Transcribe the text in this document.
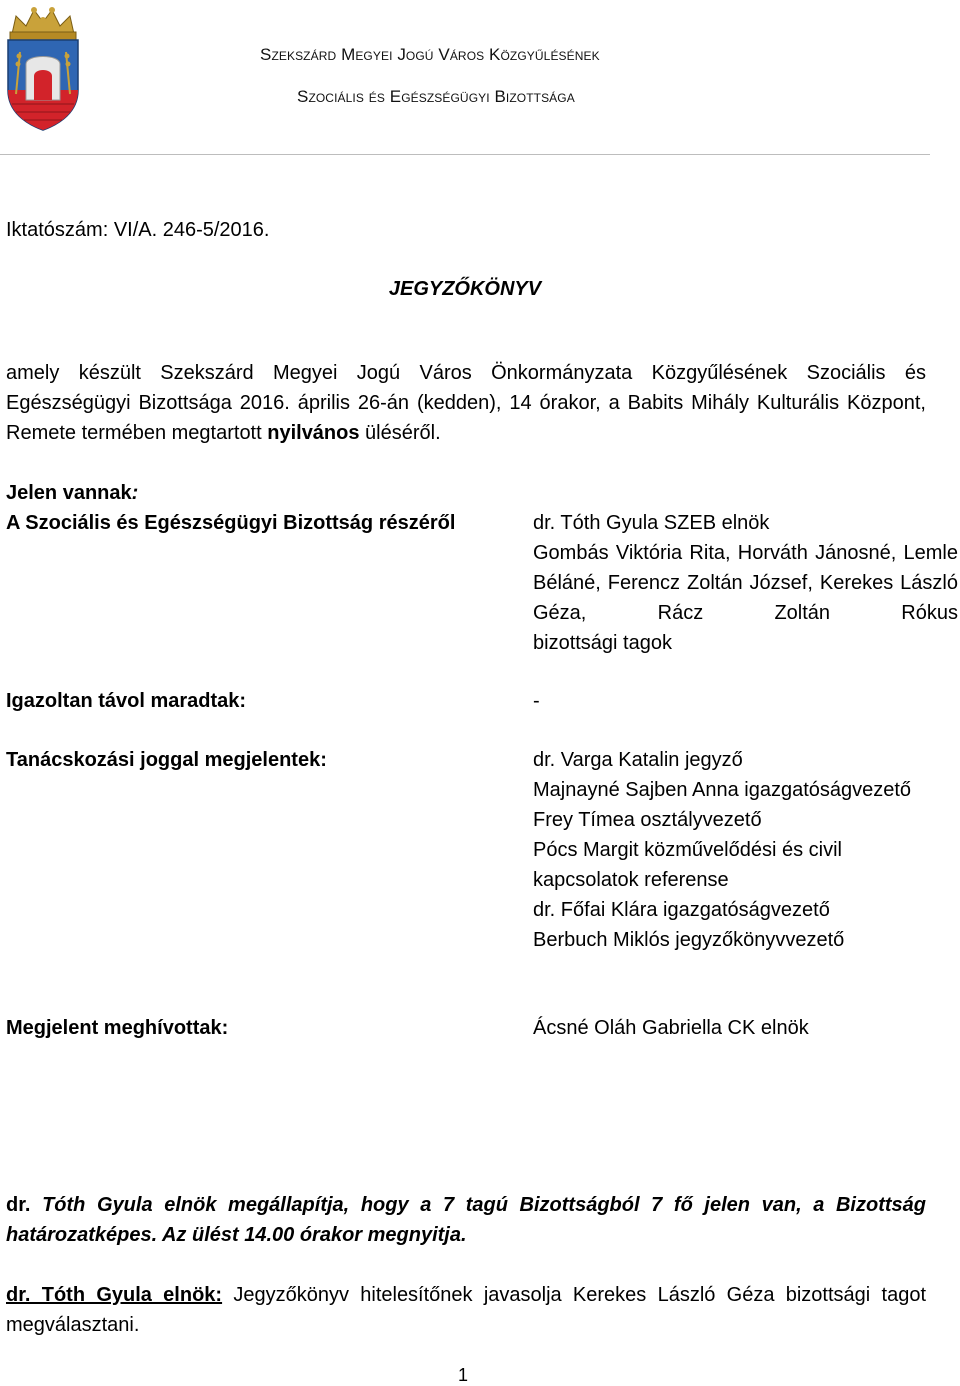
Szekszárd Megyei Jogú Város Közgyűlésének
Szociális és Egészségügyi Bizottsága
Iktatószám: VI/A. 246-5/2016.
JEGYZŐKÖNYV
amely készült Szekszárd Megyei Jogú Város Önkormányzata Közgyűlésének Szociális és Egészségügyi Bizottsága 2016. április 26-án (kedden), 14 órakor, a Babits Mihály Kulturális Központ, Remete termében megtartott nyilvános üléséről.
Jelen vannak:
A Szociális és Egészségügyi Bizottság részéről	dr. Tóth Gyula SZEB elnök
Gombás Viktória Rita, Horváth Jánosné, Lemle Béláné, Ferencz Zoltán József, Kerekes László Géza, Rácz Zoltán Rókus
bizottsági tagok
Igazoltan távol maradtak:	-
Tanácskozási joggal megjelentek:	dr. Varga Katalin jegyző
Majnayné Sajben Anna igazgatóságvezető
Frey Tímea osztályvezető
Pócs Margit közművelődési és civil kapcsolatok referense
dr. Főfai Klára igazgatóságvezető
Berbuch Miklós jegyzőkönyvvezető
Megjelent meghívottak:	Ácsné Oláh Gabriella CK elnök
dr. Tóth Gyula elnök megállapítja, hogy a 7 tagú Bizottságból 7 fő jelen van, a Bizottság határozatképes. Az ülést 14.00 órakor megnyitja.
dr. Tóth Gyula elnök: Jegyzőkönyv hitelesítőnek javasolja Kerekes László Géza bizottsági tagot megválasztani.
1
